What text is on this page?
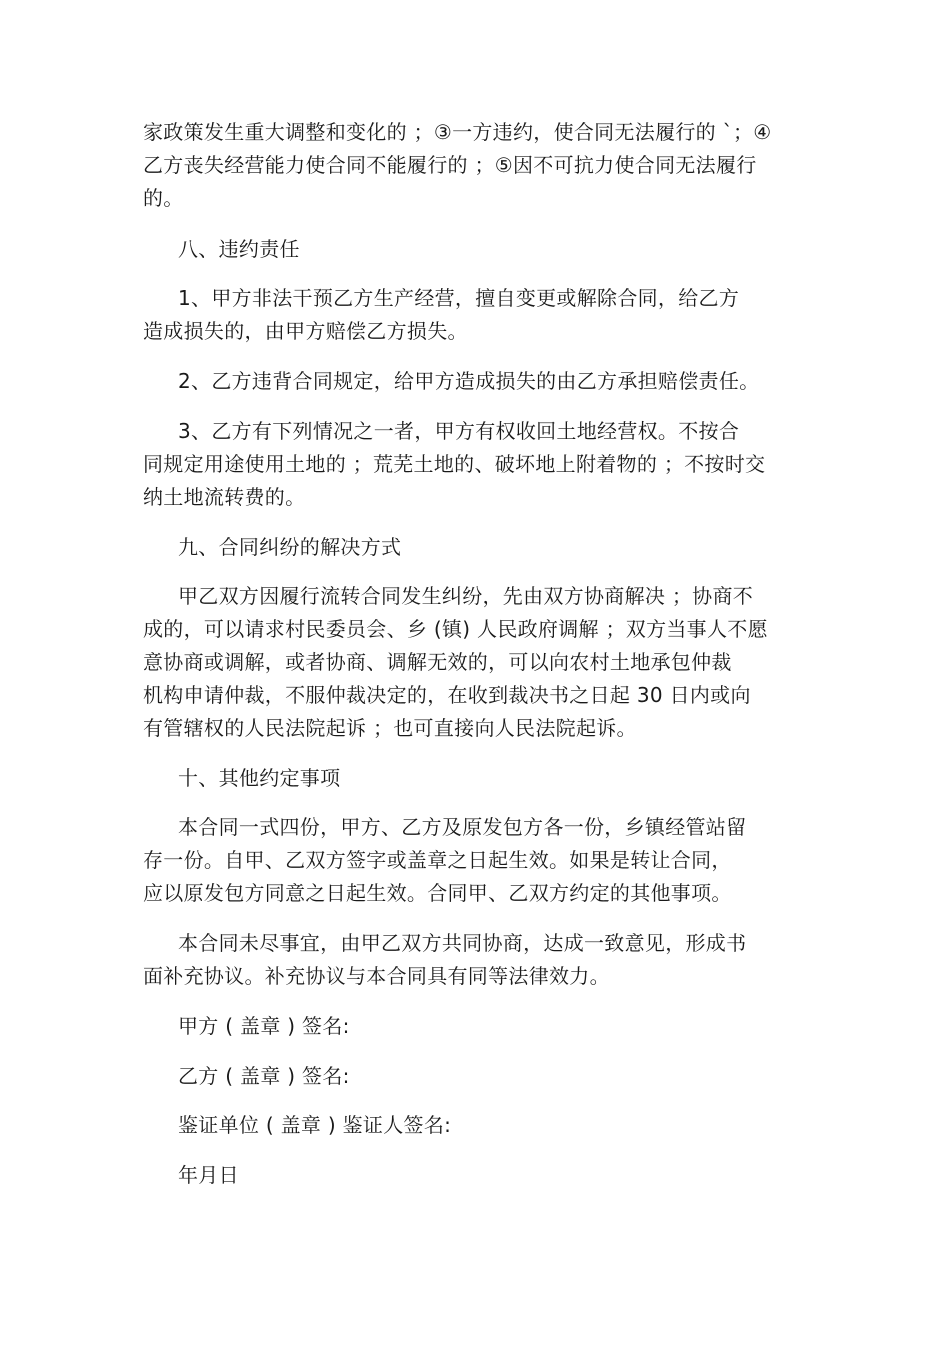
家政策发生重大调整和变化的 ；③一方违约，使合同无法履行的 `；④
乙方丧失经营能力使合同不能履行的 ；⑤因不可抗力使合同无法履行
的。
八、违约责任
1、甲方非法干预乙方生产经营，擅自变更或解除合同，给乙方
造成损失的，由甲方赔偿乙方损失。
2、乙方违背合同规定，给甲方造成损失的由乙方承担赔偿责任。
3、乙方有下列情况之一者，甲方有权收回土地经营权。不按合
同规定用途使用土地的 ；荒芜土地的、破坏地上附着物的 ；不按时交
纳土地流转费的。
九、合同纠纷的解决方式
甲乙双方因履行流转合同发生纠纷，先由双方协商解决 ；协商不
成的，可以请求村民委员会、乡 (镇) 人民政府调解 ；双方当事人不愿
意协商或调解，或者协商、调解无效的，可以向农村土地承包仲裁
机构申请仲裁，不服仲裁决定的，在收到裁决书之日起 30 日内或向
有管辖权的人民法院起诉 ；也可直接向人民法院起诉。
十、其他约定事项
本合同一式四份，甲方、乙方及原发包方各一份，乡镇经管站留
存一份。自甲、乙双方签字或盖章之日起生效。如果是转让合同，
应以原发包方同意之日起生效。合同甲、乙双方约定的其他事项。
本合同未尽事宜，由甲乙双方共同协商，达成一致意见，形成书
面补充协议。补充协议与本合同具有同等法律效力。
甲方 ( 盖章 ) 签名:
乙方 ( 盖章 ) 签名:
鉴证单位 ( 盖章 ) 鉴证人签名:
年月日
